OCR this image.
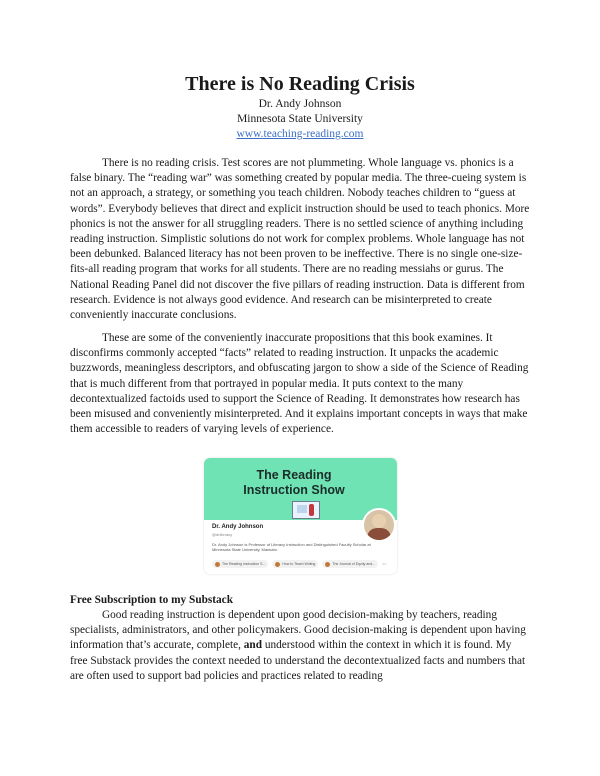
There is No Reading Crisis
Dr. Andy Johnson
Minnesota State University
www.teaching-reading.com

There is no reading crisis. Test scores are not plummeting. Whole language vs. phonics is a false binary. The “reading war” was something created by popular media. The three-cueing system is not an approach, a strategy, or something you teach children. Nobody teaches children to “guess at words”. Everybody believes that direct and explicit instruction should be used to teach phonics. More phonics is not the answer for all struggling readers. There is no settled science of anything including reading instruction. Simplistic solutions do not work for complex problems. Whole language has not been debunked. Balanced literacy has not been proven to be ineffective. There is no single one-size-fits-all reading program that works for all students. There are no reading messiahs or gurus. The National Reading Panel did not discover the five pillars of reading instruction. Data is different from research. Evidence is not always good evidence. And research can be misinterpreted to create conveniently inaccurate conclusions.

These are some of the conveniently inaccurate propositions that this book examines. It disconfirms commonly accepted “facts” related to reading instruction. It unpacks the academic buzzwords, meaningless descriptors, and obfuscating jargon to show a side of the Science of Reading that is much different from that portrayed in popular media. It puts context to the many decontextualized factoids used to support the Science of Reading. It demonstrates how research has been misused and conveniently misinterpreted. And it explains important concepts in ways that make them accessible to readers of varying levels of experience.

The Reading Instruction Show
Dr. Andy Johnson
@drliteracy
Dr. Andy Johnson is Professor of Literacy Instruction and Distinguished Faculty Scholar at Minnesota State University, Mankato.
The Reading Instruction S...	How to Teach Writing	The Journal of Equity and... >>
Free Subscription to my Substack

Good reading instruction is dependent upon good decision-making by teachers, reading specialists, administrators, and other policymakers. Good decision-making is dependent upon having information that’s accurate, complete, and understood within the context in which it is found. My free Substack provides the context needed to understand the decontextualized facts and numbers that are often used to support bad policies and practices related to reading
